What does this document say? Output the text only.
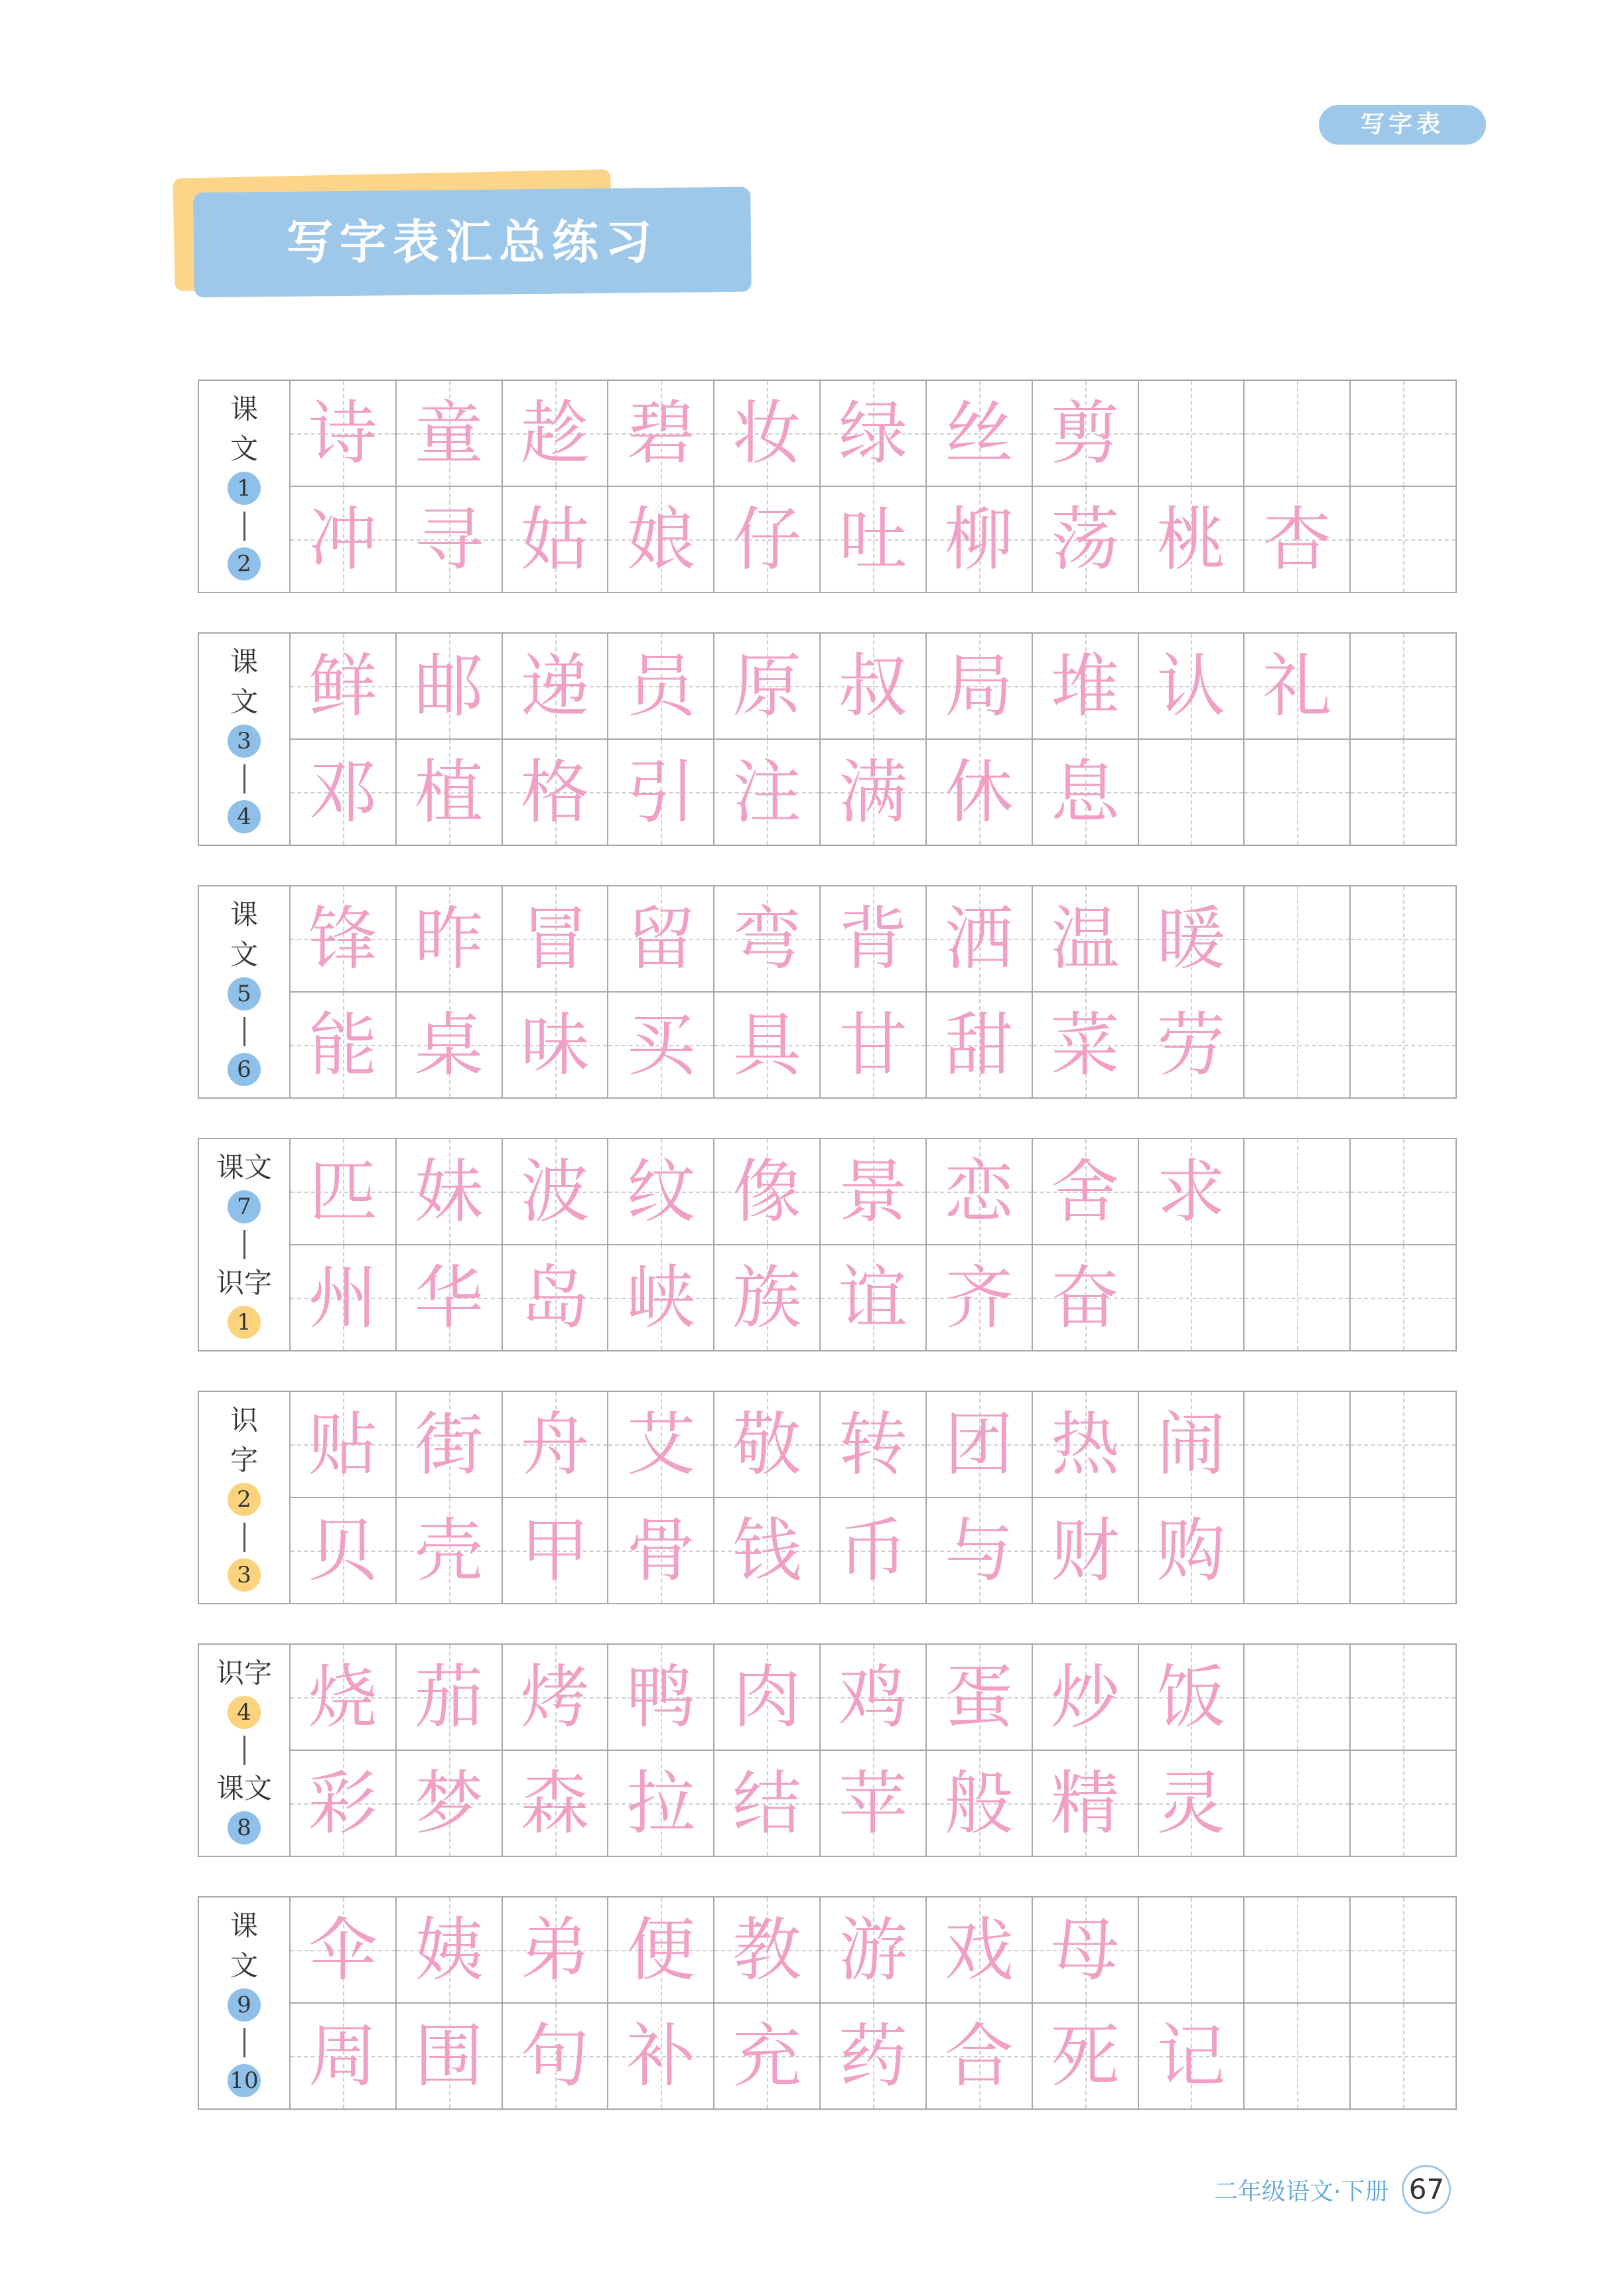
写字表
写字表汇总练习
课
文
1
2
诗 童 趁 碧 妆 绿 丝 剪
冲 寻 姑 娘 仔 吐 柳 荡 桃 杏
课
文
3
4
鲜 邮 递 员 原 叔 局 堆 认 礼
邓 植 格 引 注 满 休 息
课
文
5
6
锋 昨 冒 留 弯 背 洒 温 暖
能 桌 味 买 具 甘 甜 菜 劳
课文
7
识字
1
匹 妹 波 纹 像 景 恋 舍 求
州 华 岛 峡 族 谊 齐 奋
识
字
2
3
贴 街 舟 艾 敬 转 团 热 闹
贝 壳 甲 骨 钱 币 与 财 购
识字
4
课文
8
烧 茄 烤 鸭 肉 鸡 蛋 炒 饭
彩 梦 森 拉 结 苹 般 精 灵
课
文
9
10
伞 姨 弟 便 教 游 戏 母
周 围 句 补 充 药 合 死 记
二年级语文·下册 67
